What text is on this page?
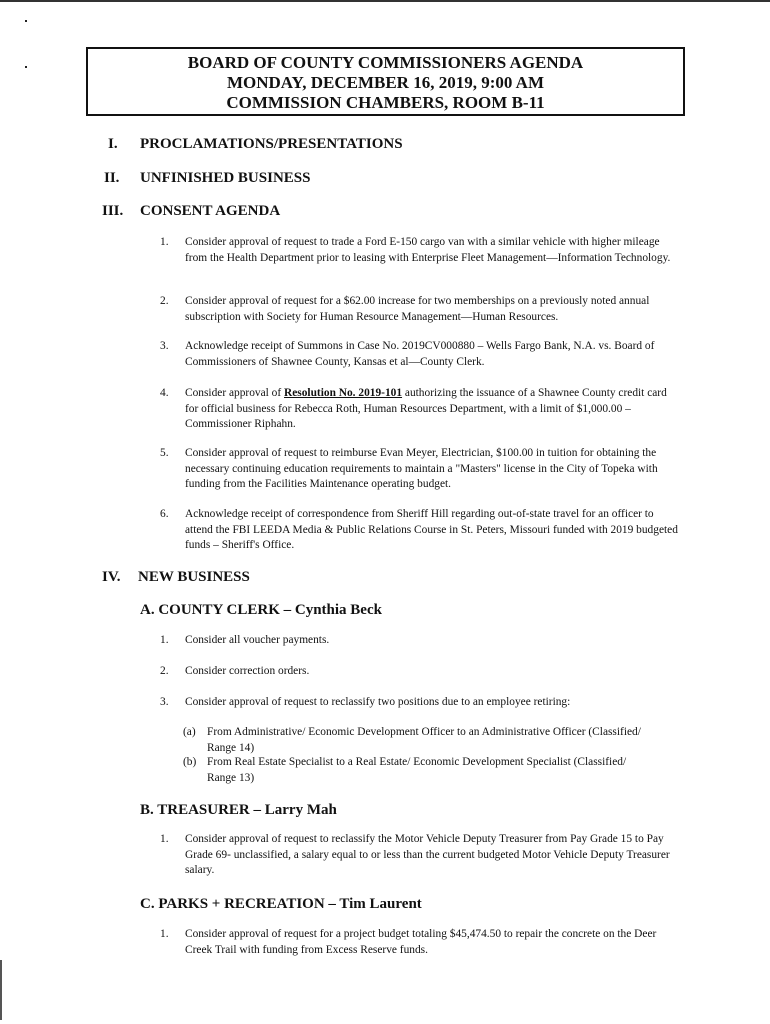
BOARD OF COUNTY COMMISSIONERS AGENDA
MONDAY, DECEMBER 16, 2019, 9:00 AM
COMMISSION CHAMBERS, ROOM B-11
I. PROCLAMATIONS/PRESENTATIONS
II. UNFINISHED BUSINESS
III. CONSENT AGENDA
1. Consider approval of request to trade a Ford E-150 cargo van with a similar vehicle with higher mileage from the Health Department prior to leasing with Enterprise Fleet Management—Information Technology.
2. Consider approval of request for a $62.00 increase for two memberships on a previously noted annual subscription with Society for Human Resource Management—Human Resources.
3. Acknowledge receipt of Summons in Case No. 2019CV000880 – Wells Fargo Bank, N.A. vs. Board of Commissioners of Shawnee County, Kansas et al—County Clerk.
4. Consider approval of Resolution No. 2019-101 authorizing the issuance of a Shawnee County credit card for official business for Rebecca Roth, Human Resources Department, with a limit of $1,000.00 – Commissioner Riphahn.
5. Consider approval of request to reimburse Evan Meyer, Electrician, $100.00 in tuition for obtaining the necessary continuing education requirements to maintain a "Masters" license in the City of Topeka with funding from the Facilities Maintenance operating budget.
6. Acknowledge receipt of correspondence from Sheriff Hill regarding out-of-state travel for an officer to attend the FBI LEEDA Media & Public Relations Course in St. Peters, Missouri funded with 2019 budgeted funds – Sheriff's Office.
IV. NEW BUSINESS
A. COUNTY CLERK – Cynthia Beck
1. Consider all voucher payments.
2. Consider correction orders.
3. Consider approval of request to reclassify two positions due to an employee retiring:
(a) From Administrative/ Economic Development Officer to an Administrative Officer (Classified/ Range 14)
(b) From Real Estate Specialist to a Real Estate/ Economic Development Specialist (Classified/ Range 13)
B. TREASURER – Larry Mah
1. Consider approval of request to reclassify the Motor Vehicle Deputy Treasurer from Pay Grade 15 to Pay Grade 69- unclassified, a salary equal to or less than the current budgeted Motor Vehicle Deputy Treasurer salary.
C. PARKS + RECREATION – Tim Laurent
1. Consider approval of request for a project budget totaling $45,474.50 to repair the concrete on the Deer Creek Trail with funding from Excess Reserve funds.
